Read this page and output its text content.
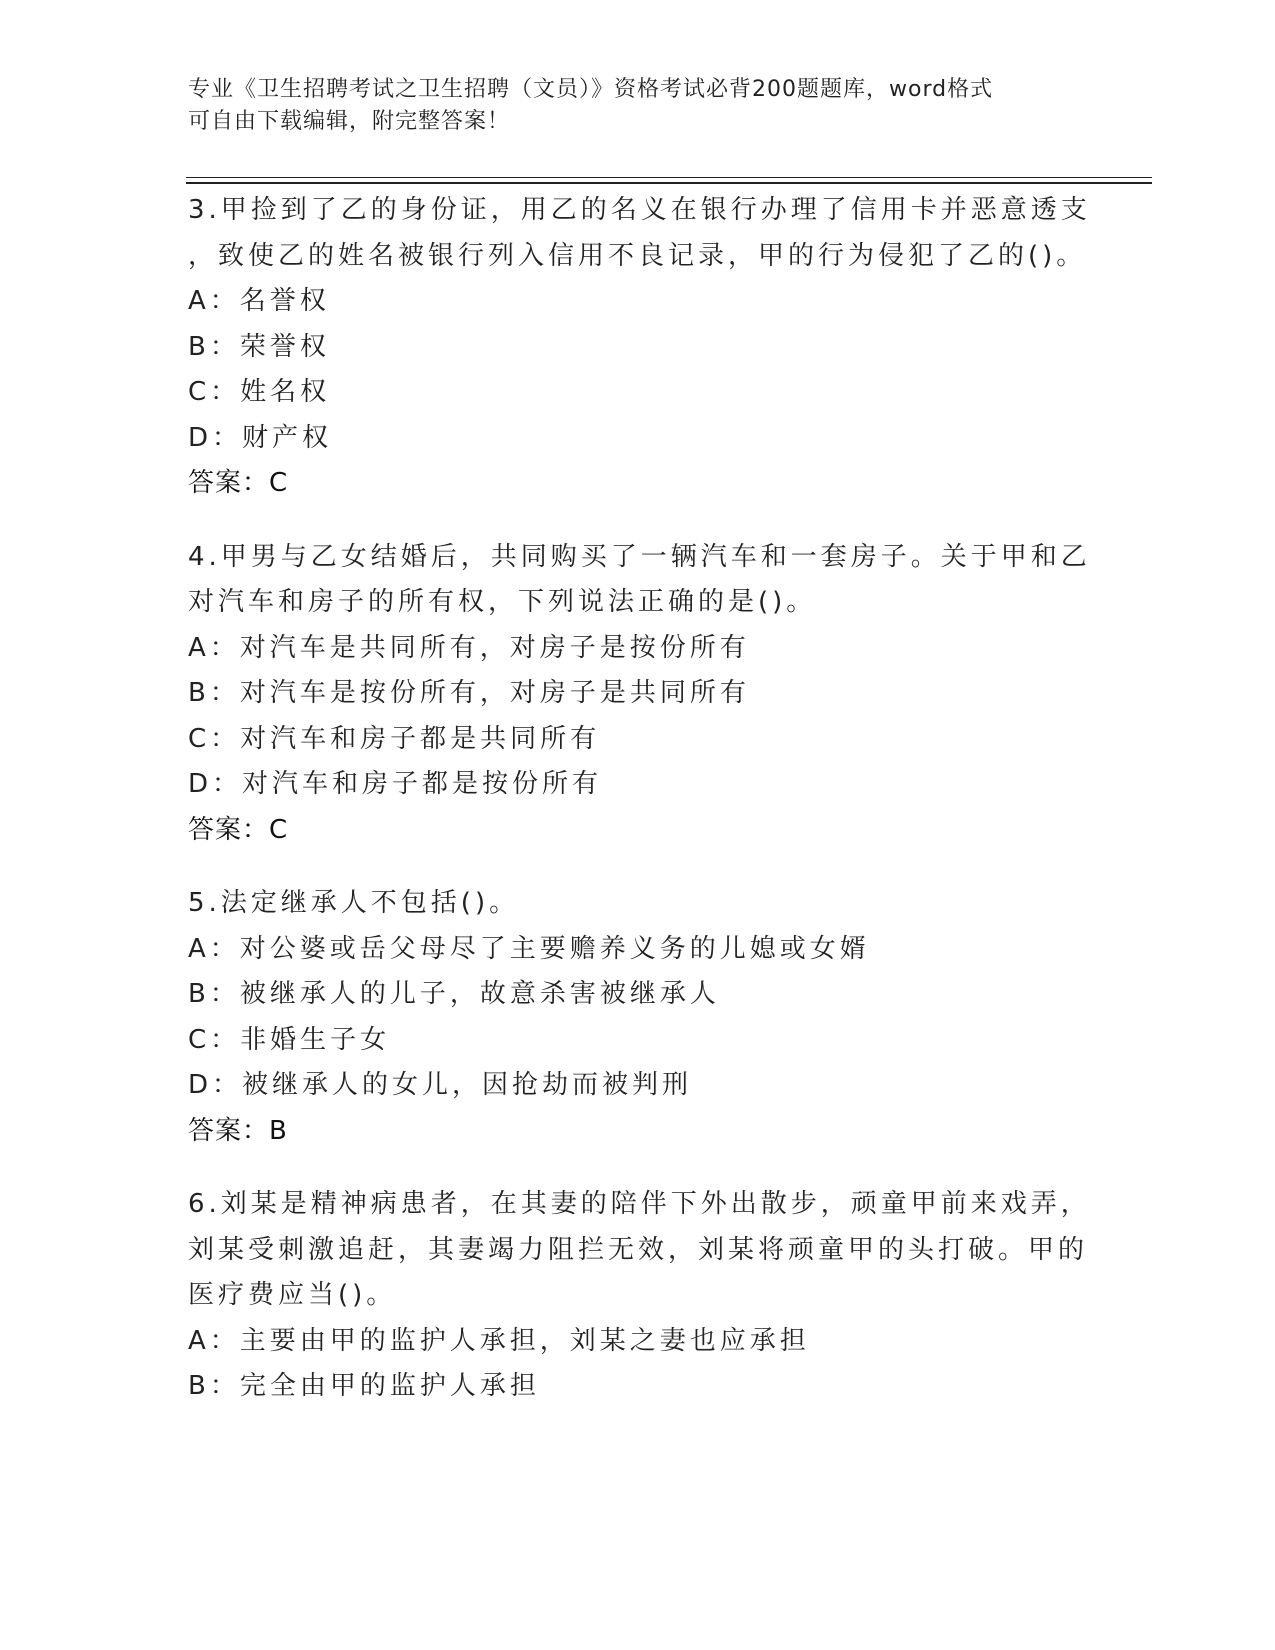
专业《卫生招聘考试之卫生招聘（文员）》资格考试必背200题题库，word格式
可自由下载编辑，附完整答案！
3.甲捡到了乙的身份证，用乙的名义在银行办理了信用卡并恶意透支
，致使乙的姓名被银行列入信用不良记录，甲的行为侵犯了乙的()。
A：名誉权
B：荣誉权
C：姓名权
D：财产权
答案：C
4.甲男与乙女结婚后，共同购买了一辆汽车和一套房子。关于甲和乙
对汽车和房子的所有权，下列说法正确的是()。
A：对汽车是共同所有，对房子是按份所有
B：对汽车是按份所有，对房子是共同所有
C：对汽车和房子都是共同所有
D：对汽车和房子都是按份所有
答案：C
5.法定继承人不包括()。
A：对公婆或岳父母尽了主要赡养义务的儿媳或女婿
B：被继承人的儿子，故意杀害被继承人
C：非婚生子女
D：被继承人的女儿，因抢劫而被判刑
答案：B
6.刘某是精神病患者，在其妻的陪伴下外出散步，顽童甲前来戏弄，
刘某受刺激追赶，其妻竭力阻拦无效，刘某将顽童甲的头打破。甲的
医疗费应当()。
A：主要由甲的监护人承担，刘某之妻也应承担
B：完全由甲的监护人承担
